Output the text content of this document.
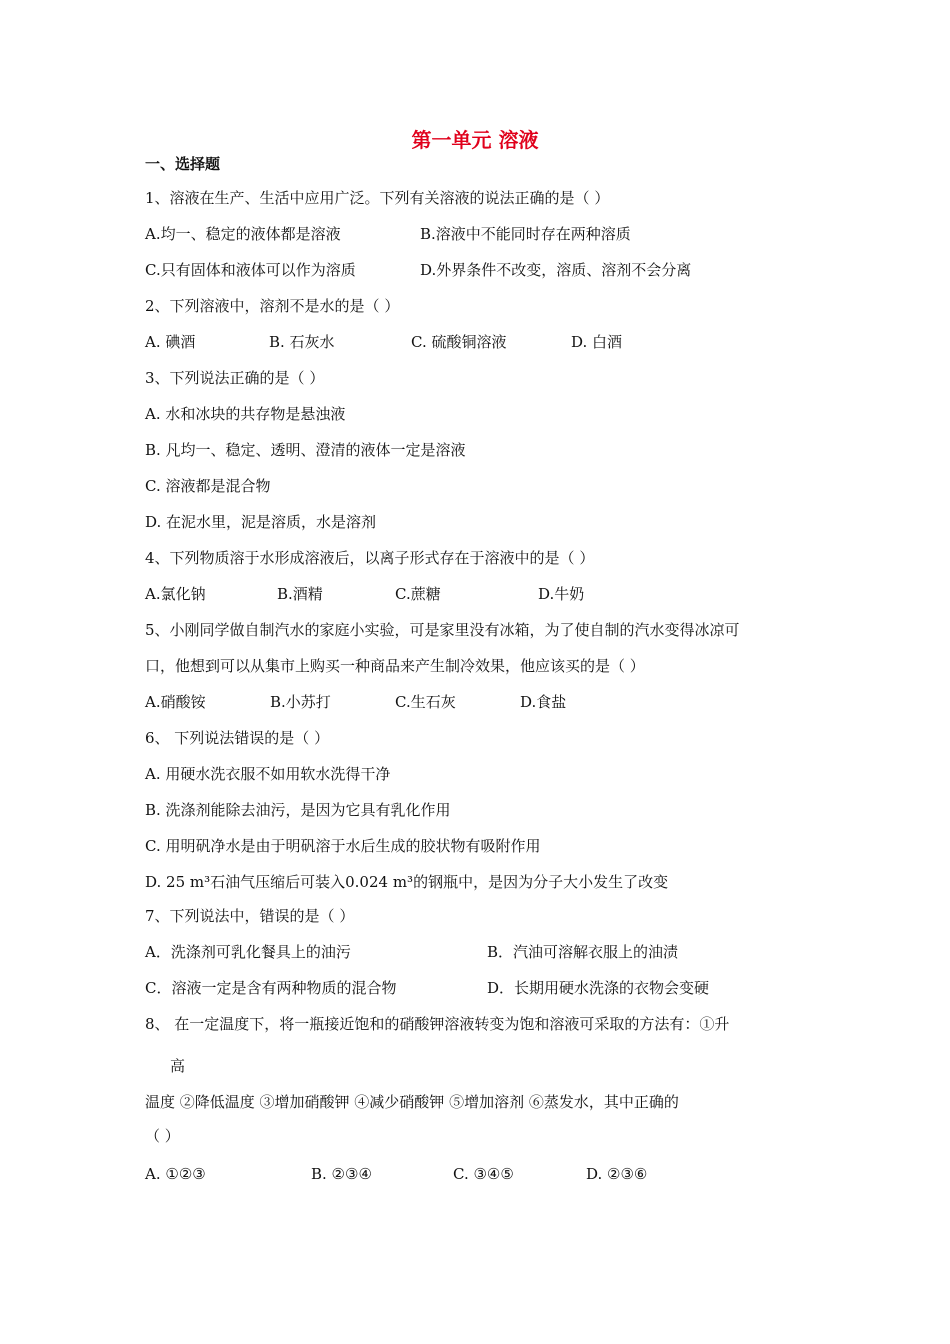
第一单元 溶液
一、选择题
1、溶液在生产、生活中应用广泛。下列有关溶液的说法正确的是（ ）
A.均一、稳定的液体都是溶液	B.溶液中不能同时存在两种溶质
C.只有固体和液体可以作为溶质	D.外界条件不改变，溶质、溶剂不会分离
2、下列溶液中，溶剂不是水的是（ ）
A. 碘酒	B. 石灰水	C. 硫酸铜溶液	D. 白酒
3、下列说法正确的是（ ）
A. 水和冰块的共存物是悬浊液
B. 凡均一、稳定、透明、澄清的液体一定是溶液
C. 溶液都是混合物
D. 在泥水里，泥是溶质，水是溶剂
4、下列物质溶于水形成溶液后，以离子形式存在于溶液中的是（ ）
A.氯化钠	B.酒精	C.蔗糖	D.牛奶
5、小刚同学做自制汽水的家庭小实验，可是家里没有冰箱，为了使自制的汽水变得冰凉可
口，他想到可以从集市上购买一种商品来产生制冷效果，他应该买的是（ ）
A.硝酸铵	B.小苏打	C.生石灰	D.食盐
6、 下列说法错误的是（ ）
A. 用硬水洗衣服不如用软水洗得干净
B. 洗涤剂能除去油污，是因为它具有乳化作用
C. 用明矾净水是由于明矾溶于水后生成的胶状物有吸附作用
D. 25 m³石油气压缩后可装入0.024 m³的钢瓶中，是因为分子大小发生了改变
7、下列说法中，错误的是（ ）
A．洗涤剂可乳化餐具上的油污	B．汽油可溶解衣服上的油渍
C．溶液一定是含有两种物质的混合物	D．长期用硬水洗涤的衣物会变硬
8、 在一定温度下，将一瓶接近饱和的硝酸钾溶液转变为饱和溶液可采取的方法有：①升
高
温度 ②降低温度 ③增加硝酸钾 ④减少硝酸钾 ⑤增加溶剂 ⑥蒸发水，其中正确的
（ ）
A. ①②③	B. ②③④	C. ③④⑤	D. ②③⑥
